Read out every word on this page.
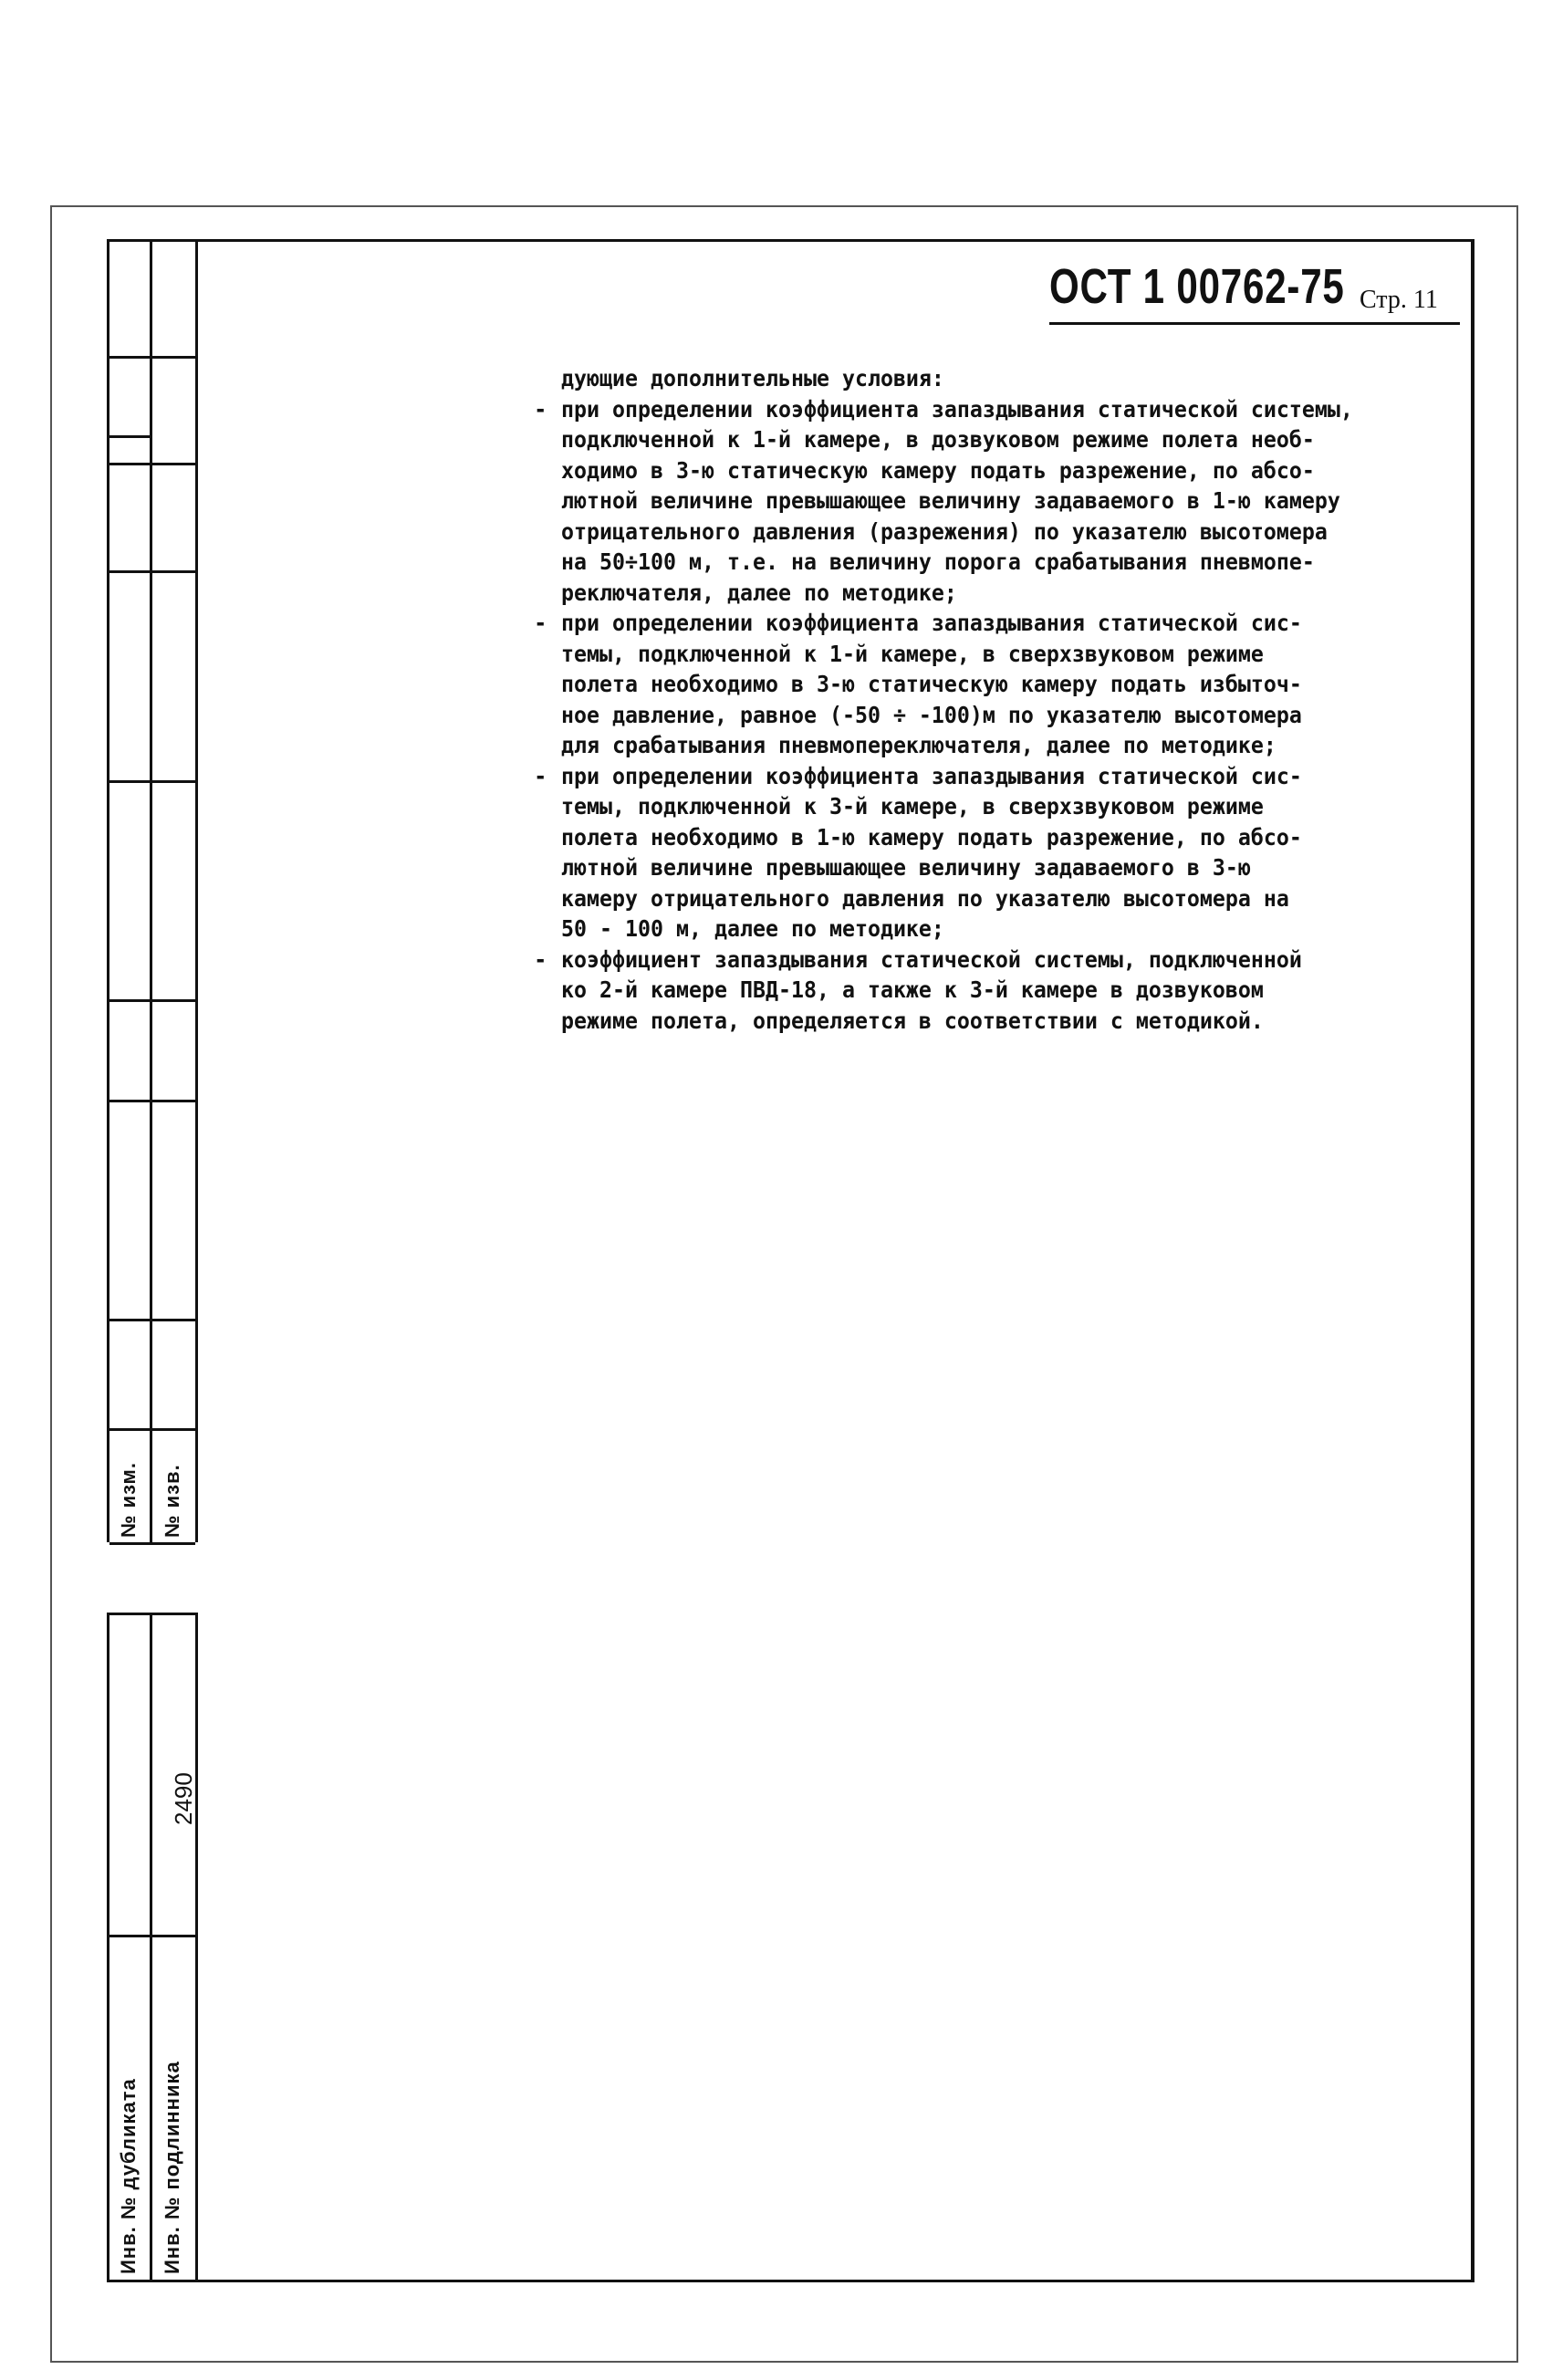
№ изм. № изв.
2490
Инв. № дубликата Инв. № подлинника
ОСТ 1 00762-75 Стр. 11
дующие дополнительные условия:
- при определении коэффициента запаздывания статической системы,
подключенной к 1-й камере, в дозвуковом режиме полета необ-
ходимо в 3-ю статическую камеру подать разрежение, по абсо-
лютной величине превышающее величину задаваемого в 1-ю камеру
отрицательного давления (разрежения) по указателю высотомера
на 50÷100 м, т.е. на величину порога срабатывания пневмопе-
реключателя, далее по методике;
- при определении коэффициента запаздывания статической сис-
темы, подключенной к 1-й камере, в сверхзвуковом режиме
полета необходимо в 3-ю статическую камеру подать избыточ-
ное давление, равное (-50 ÷ -100)м по указателю высотомера
для срабатывания пневмопереключателя, далее по методике;
- при определении коэффициента запаздывания статической сис-
темы, подключенной к 3-й камере, в сверхзвуковом режиме
полета необходимо в 1-ю камеру подать разрежение, по абсо-
лютной величине превышающее величину задаваемого в 3-ю
камеру отрицательного давления по указателю высотомера на
50 - 100 м, далее по методике;
- коэффициент запаздывания статической системы, подключенной
ко 2-й камере ПВД-18, а также к 3-й камере в дозвуковом
режиме полета, определяется в соответствии с методикой.
